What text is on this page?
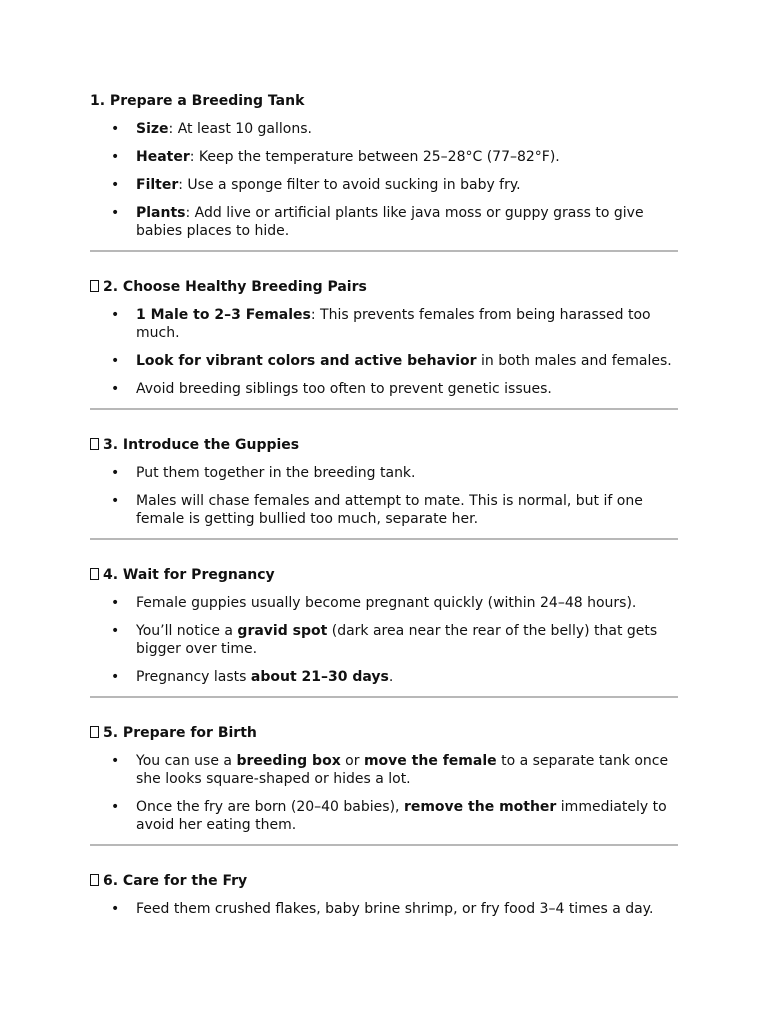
1. Prepare a Breeding Tank
• Size: At least 10 gallons.
• Heater: Keep the temperature between 25–28°C (77–82°F).
• Filter: Use a sponge filter to avoid sucking in baby fry.
• Plants: Add live or artificial plants like java moss or guppy grass to give babies places to hide.
2. Choose Healthy Breeding Pairs
• 1 Male to 2–3 Females: This prevents females from being harassed too much.
• Look for vibrant colors and active behavior in both males and females.
• Avoid breeding siblings too often to prevent genetic issues.
3. Introduce the Guppies
• Put them together in the breeding tank.
• Males will chase females and attempt to mate. This is normal, but if one female is getting bullied too much, separate her.
4. Wait for Pregnancy
• Female guppies usually become pregnant quickly (within 24–48 hours).
• You’ll notice a gravid spot (dark area near the rear of the belly) that gets bigger over time.
• Pregnancy lasts about 21–30 days.
5. Prepare for Birth
• You can use a breeding box or move the female to a separate tank once she looks square-shaped or hides a lot.
• Once the fry are born (20–40 babies), remove the mother immediately to avoid her eating them.
6. Care for the Fry
• Feed them crushed flakes, baby brine shrimp, or fry food 3–4 times a day.
